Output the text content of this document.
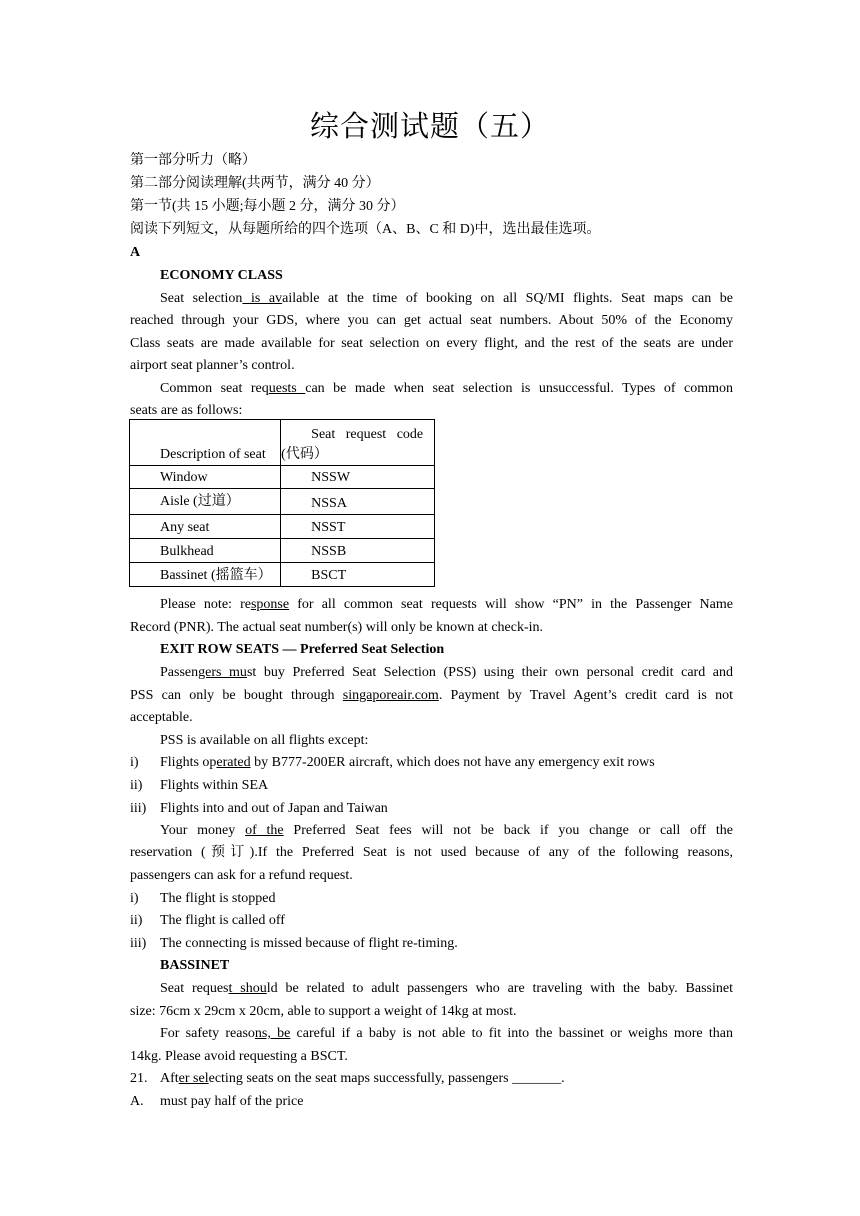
综合测试题（五）
第一部分听力（略）
第二部分阅读理解(共两节，满分 40 分）
第一节(共 15 小题;每小题 2 分，满分 30 分）
阅读下列短文，从每题所给的四个选项（A、B、C 和 D)中，选出最佳选项。
A
ECONOMY CLASS
Seat selection is available at the time of booking on all SQ/MI flights. Seat maps can be
reached through your GDS, where you can get actual seat numbers. About 50% of the Economy
Class seats are made available for seat selection on every flight, and the rest of the seats are under
airport seat planner’s control.
Common seat requests can be made when seat selection is unsuccessful. Types of common
seats are as follows:
Description of seat	Seat   request   code
(代码）

Window	NSSW
Aisle (过道）	NSSA
Any seat	NSST
Bulkhead	NSSB
Bassinet (摇篮车）	BSCT
Please note: response for all common seat requests will show “PN” in the Passenger Name
Record (PNR). The actual seat number(s) will only be known at check-in.
EXIT ROW SEATS — Preferred Seat Selection
Passengers must buy Preferred Seat Selection (PSS) using their own personal credit card and
PSS can only be bought through singaporeair.com. Payment by Travel Agent’s credit card is not
acceptable.
PSS is available on all flights except:
i) Flights operated by B777-200ER aircraft, which does not have any emergency exit rows
ii) Flights within SEA
iii) Flights into and out of Japan and Taiwan
Your money of the Preferred Seat fees will not be back if you change or call off the
reservation (预订).If the Preferred Seat is not used because of any of the following reasons,
passengers can ask for a refund request.
i) The flight is stopped
ii) The flight is called off
iii) The connecting is missed because of flight re-timing.
BASSINET
Seat request should be related to adult passengers who are traveling with the baby. Bassinet
size: 76cm x 29cm x 20cm, able to support a weight of 14kg at most.
For safety reasons, be careful if a baby is not able to fit into the bassinet or weighs more than
14kg. Please avoid requesting a BSCT.
21. After selecting seats on the seat maps successfully, passengers _______.
A. must pay half of the price
